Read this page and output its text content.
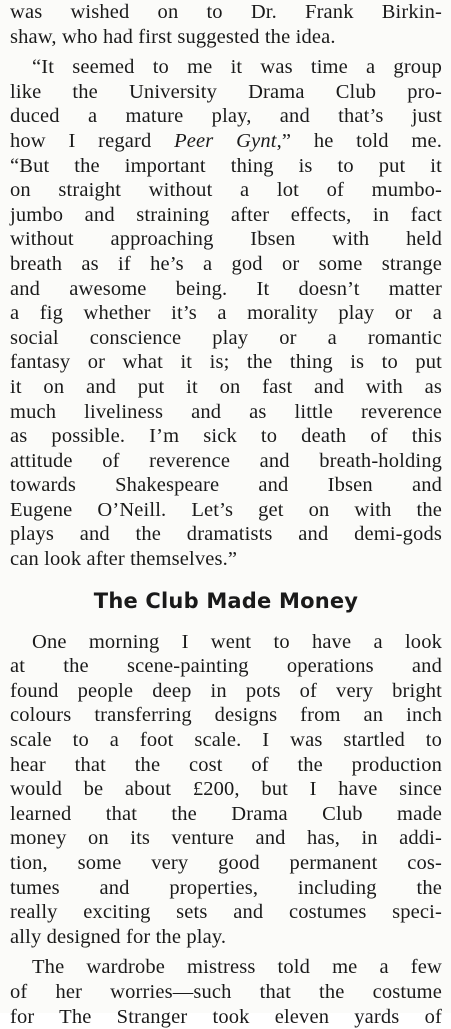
was wished on to Dr. Frank Birkin-
shaw, who had first suggested the idea.
“It seemed to me it was time a group
like the University Drama Club pro-
duced a mature play, and that’s just
how I regard Peer Gynt,” he told me.
“But the important thing is to put it
on straight without a lot of mumbo-
jumbo and straining after effects, in fact
without approaching Ibsen with held
breath as if he’s a god or some strange
and awesome being. It doesn’t matter
a fig whether it’s a morality play or a
social conscience play or a romantic
fantasy or what it is; the thing is to put
it on and put it on fast and with as
much liveliness and as little reverence
as possible. I’m sick to death of this
attitude of reverence and breath-holding
towards Shakespeare and Ibsen and
Eugene O’Neill. Let’s get on with the
plays and the dramatists and demi-gods
can look after themselves.”
The Club Made Money
One morning I went to have a look
at the scene-painting operations and
found people deep in pots of very bright
colours transferring designs from an inch
scale to a foot scale. I was startled to
hear that the cost of the production
would be about £200, but I have since
learned that the Drama Club made
money on its venture and has, in addi-
tion, some very good permanent cos-
tumes and properties, including the
really exciting sets and costumes speci-
ally designed for the play.
The wardrobe mistress told me a few
of her worries—such that the costume
for The Stranger took eleven yards of
